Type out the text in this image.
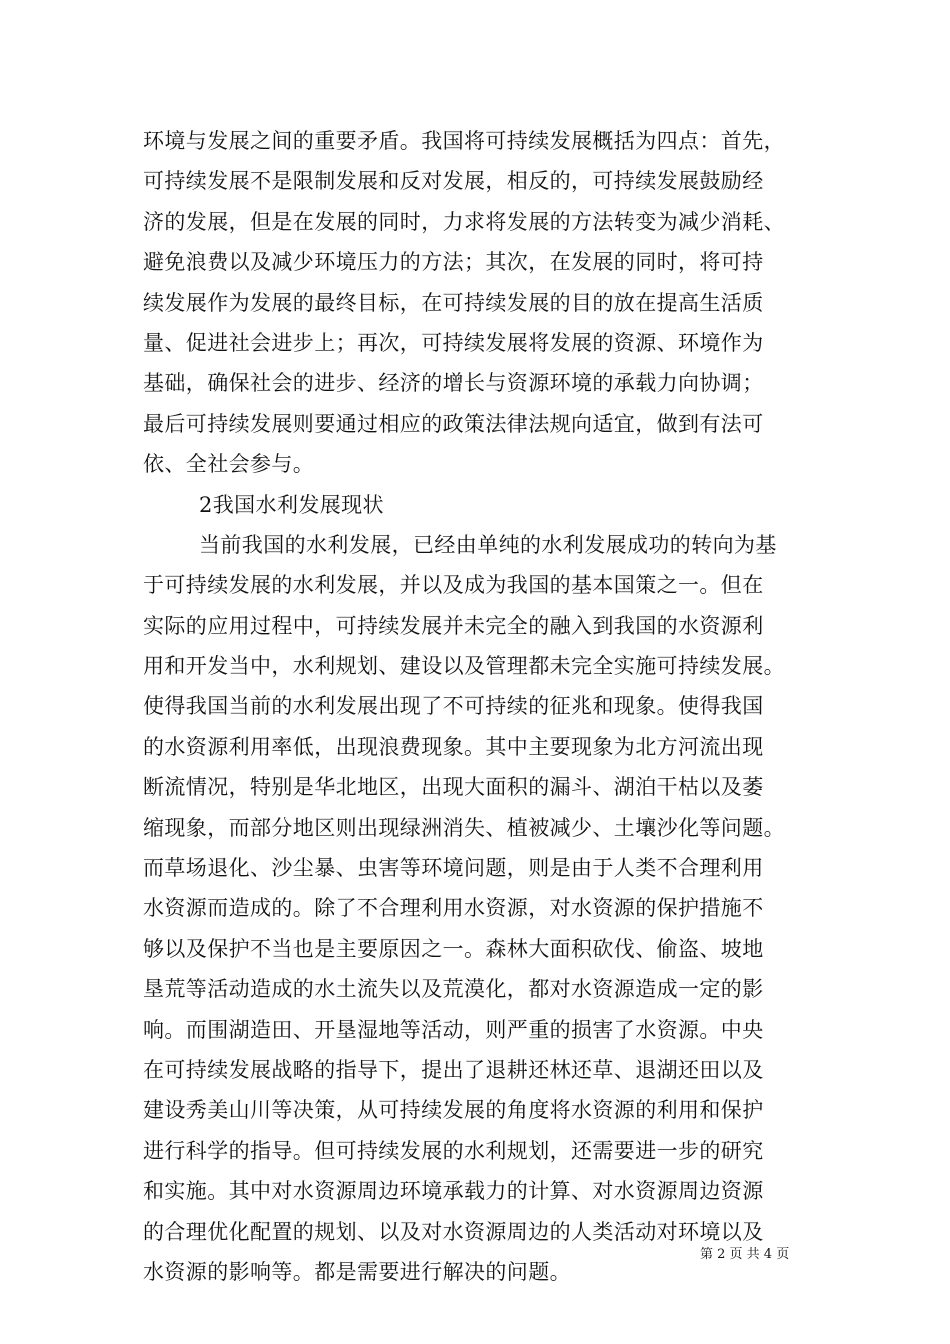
环境与发展之间的重要矛盾。我国将可持续发展概括为四点：首先，
可持续发展不是限制发展和反对发展，相反的，可持续发展鼓励经
济的发展，但是在发展的同时，力求将发展的方法转变为减少消耗、
避免浪费以及减少环境压力的方法；其次，在发展的同时，将可持
续发展作为发展的最终目标，在可持续发展的目的放在提高生活质
量、促进社会进步上；再次，可持续发展将发展的资源、环境作为
基础，确保社会的进步、经济的增长与资源环境的承载力向协调；
最后可持续发展则要通过相应的政策法律法规向适宜，做到有法可
依、全社会参与。
2我国水利发展现状
当前我国的水利发展，已经由单纯的水利发展成功的转向为基
于可持续发展的水利发展，并以及成为我国的基本国策之一。但在
实际的应用过程中，可持续发展并未完全的融入到我国的水资源利
用和开发当中，水利规划、建设以及管理都未完全实施可持续发展。
使得我国当前的水利发展出现了不可持续的征兆和现象。使得我国
的水资源利用率低，出现浪费现象。其中主要现象为北方河流出现
断流情况，特别是华北地区，出现大面积的漏斗、湖泊干枯以及萎
缩现象，而部分地区则出现绿洲消失、植被减少、土壤沙化等问题。
而草场退化、沙尘暴、虫害等环境问题，则是由于人类不合理利用
水资源而造成的。除了不合理利用水资源，对水资源的保护措施不
够以及保护不当也是主要原因之一。森林大面积砍伐、偷盗、坡地
垦荒等活动造成的水土流失以及荒漠化，都对水资源造成一定的影
响。而围湖造田、开垦湿地等活动，则严重的损害了水资源。中央
在可持续发展战略的指导下，提出了退耕还林还草、退湖还田以及
建设秀美山川等决策，从可持续发展的角度将水资源的利用和保护
进行科学的指导。但可持续发展的水利规划，还需要进一步的研究
和实施。其中对水资源周边环境承载力的计算、对水资源周边资源
的合理优化配置的规划、以及对水资源周边的人类活动对环境以及
水资源的影响等。都是需要进行解决的问题。
第 2 页 共 4 页
